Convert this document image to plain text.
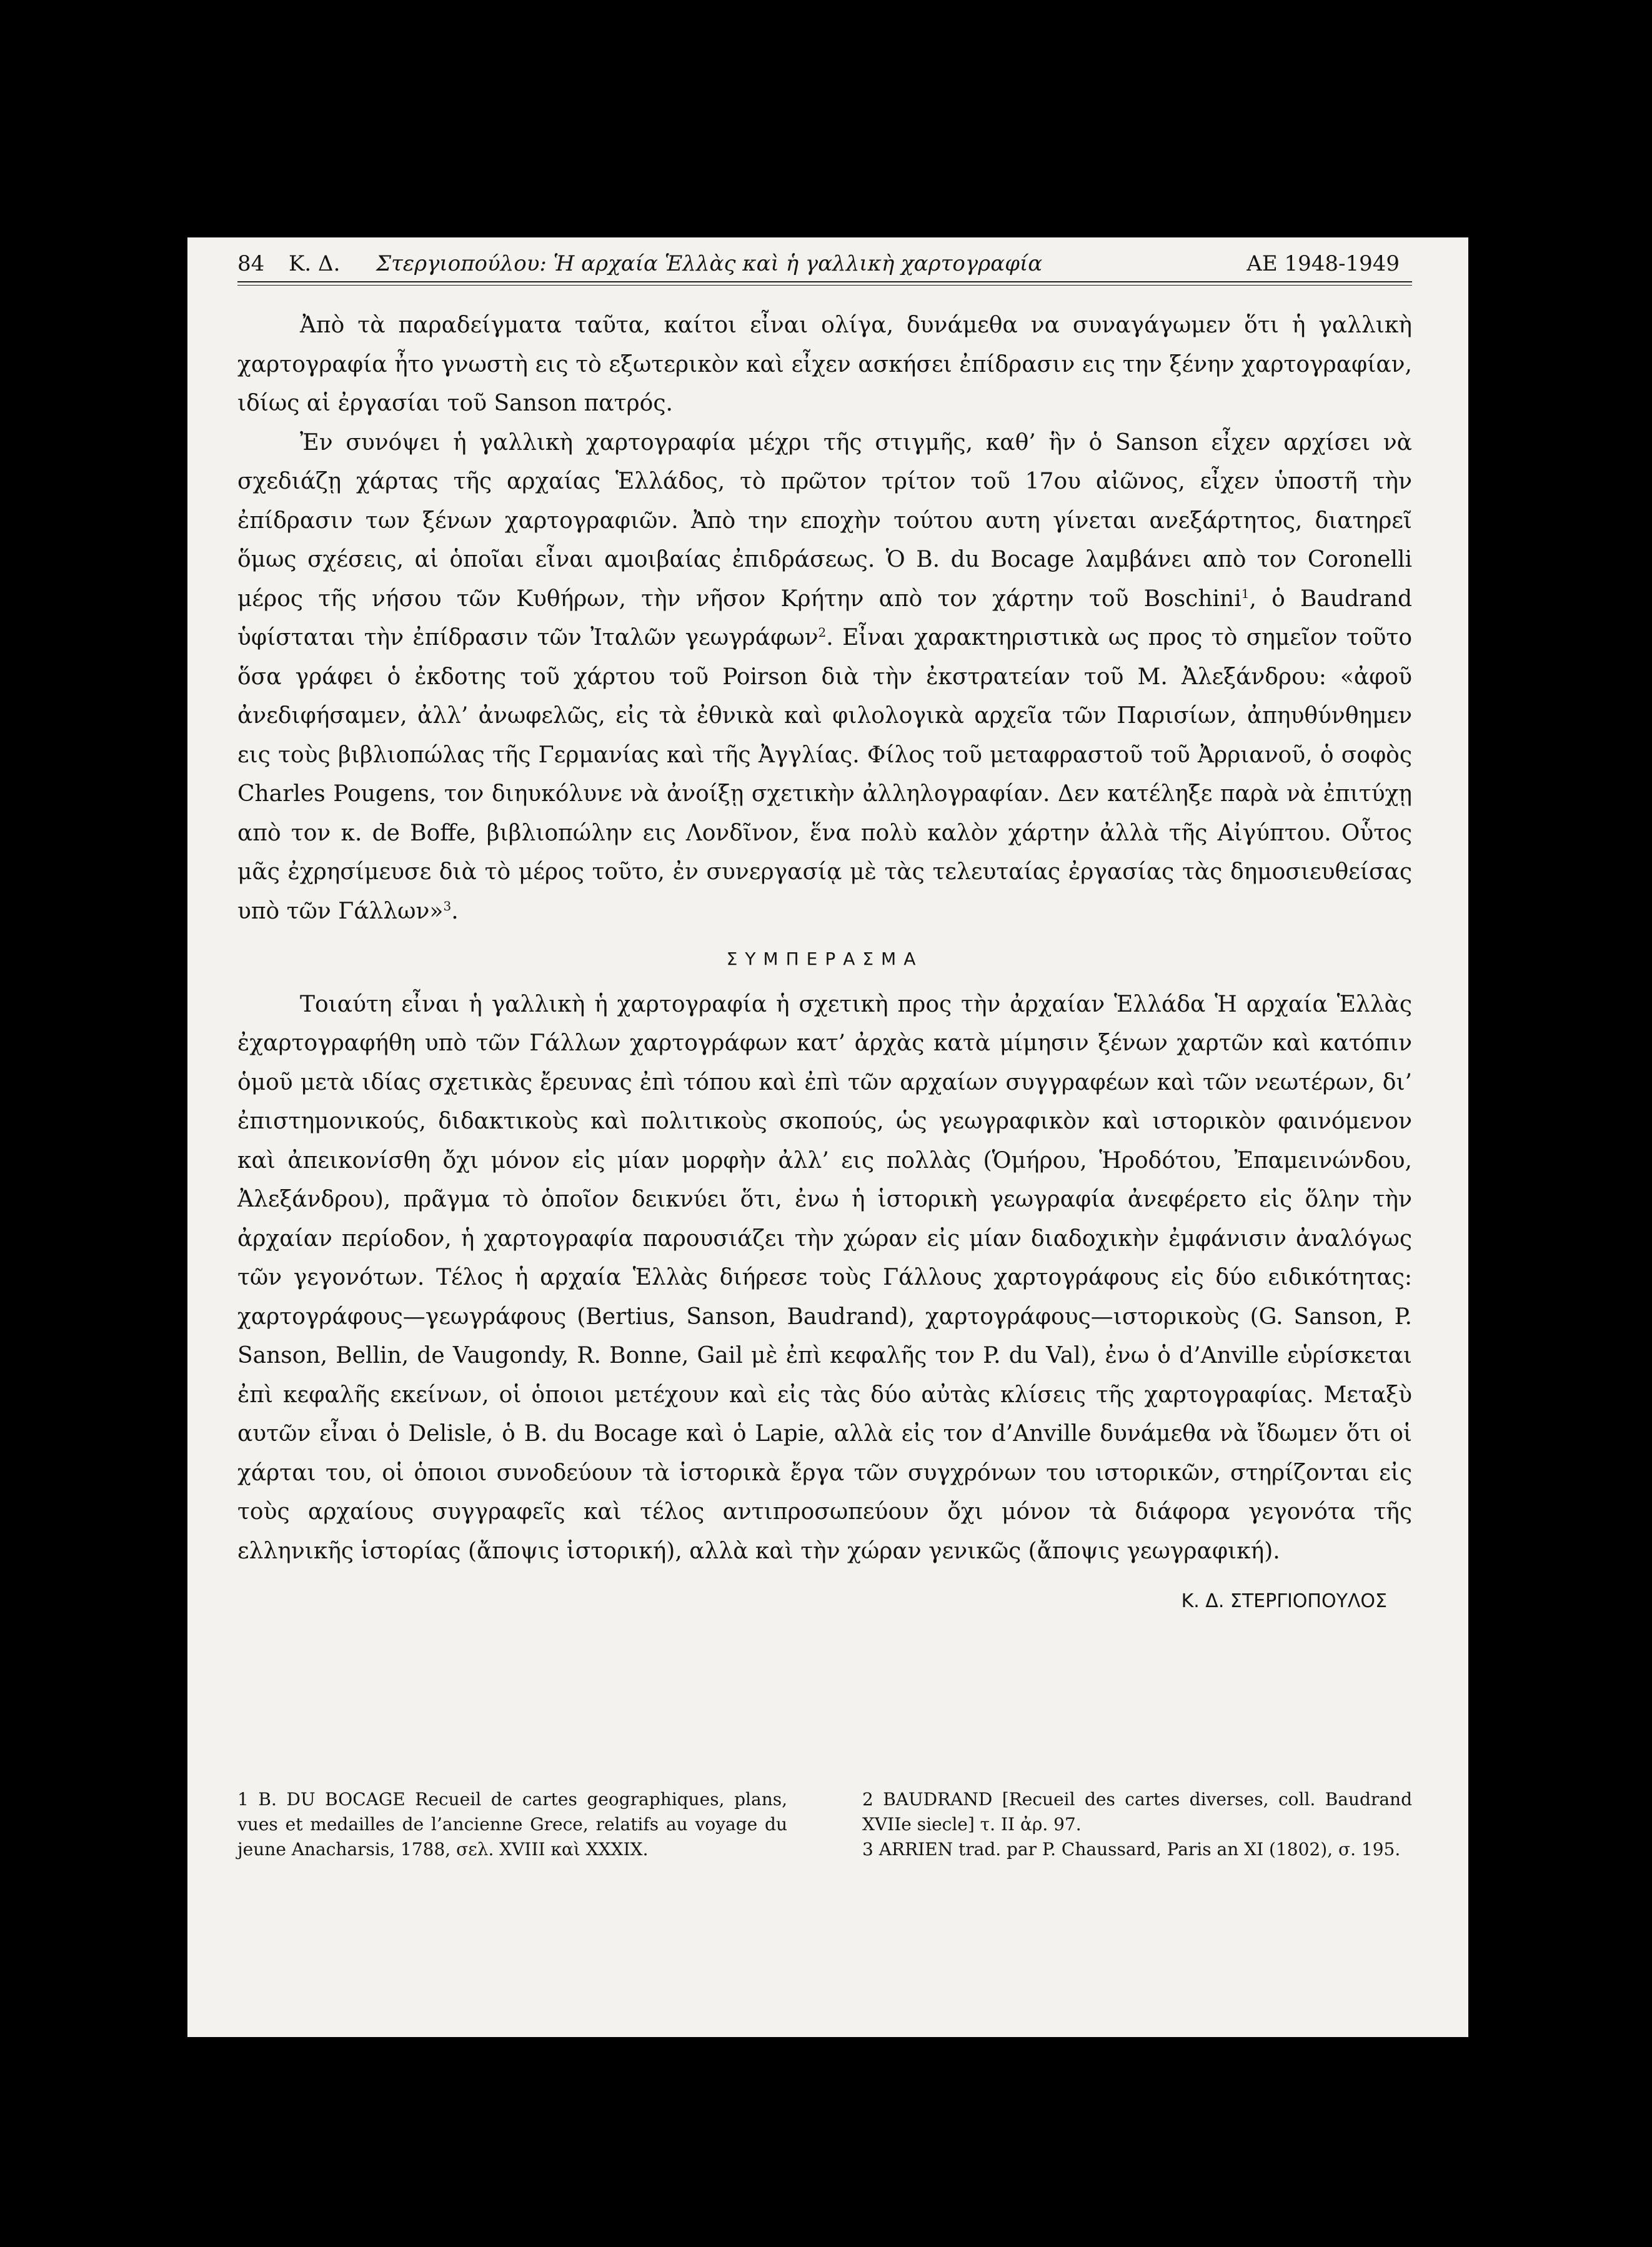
84 Κ. Δ. Στεργιοπούλου: Ἡ αρχαία Ἑλλὰς καὶ ἡ γαλλικὴ χαρτογραφία	ΑΕ 1948-1949

Ἀπὸ τὰ παραδείγματα ταῦτα, καίτοι εἶναι ολίγα, δυνάμεθα να συναγάγωμεν ὅτι ἡ γαλλικὴ χαρτογραφία ἦτο γνωστὴ εις τὸ εξωτερικὸν καὶ εἶχεν ασκήσει ἐπίδρασιν εις την ξένην χαρτογραφίαν, ιδίως αἱ ἐργασίαι τοῦ Sanson πατρός.

Ἐν συνόψει ἡ γαλλικὴ χαρτογραφία μέχρι τῆς στιγμῆς, καθ’ ἣν ὁ Sanson εἶχεν αρχίσει νὰ σχεδιάζῃ χάρτας τῆς αρχαίας Ἑλλάδος, τὸ πρῶτον τρίτον τοῦ 17ου αἰῶνος, εἶχεν ὑποστῆ τὴν ἐπίδρασιν των ξένων χαρτογραφιῶν. Ἀπὸ την εποχὴν τούτου αυτη γίνεται ανεξάρτητος, διατηρεῖ ὅμως σχέσεις, αἱ ὁποῖαι εἶναι αμοιβαίας ἐπιδράσεως. Ὁ Β. du Bocage λαμβάνει απὸ τον Coronelli μέρος τῆς νήσου τῶν Κυθήρων, τὴν νῆσον Κρήτην απὸ τον χάρτην τοῦ Boschini$^1$, ὁ Baudrand ὑφίσταται τὴν ἐπίδρασιν τῶν Ἰταλῶν γεωγράφων$^2$. Εἶναι χαρακτηριστικὰ ως προς τὸ σημεῖον τοῦτο ὅσα γράφει ὁ ἐκδοτης τοῦ χάρτου τοῦ Poirson διὰ τὴν ἐκστρατείαν τοῦ Μ. Ἀλεξάνδρου: «ἀφοῦ ἀνεδιφήσαμεν, ἀλλ’ ἀνωφελῶς, εἰς τὰ ἐθνικὰ καὶ φιλολογικὰ αρχεῖα τῶν Παρισίων, ἀπηυθύνθημεν εις τοὺς βιβλιοπώλας τῆς Γερμανίας καὶ τῆς Ἀγγλίας. Φίλος τοῦ μεταφραστοῦ τοῦ Ἀρριανοῦ, ὁ σοφὸς Charles Pougens, τον διηυκόλυνε νὰ ἀνοίξῃ σχετικὴν ἀλληλογραφίαν. Δεν κατέληξε παρὰ νὰ ἐπιτύχῃ απὸ τον κ. de Boffe, βιβλιοπώλην εις Λονδῖνον, ἕνα πολὺ καλὸν χάρτην ἀλλὰ τῆς Αἰγύπτου. Οὗτος μᾶς ἐχρησίμευσε διὰ τὸ μέρος τοῦτο, ἐν συνεργασίᾳ μὲ τὰς τελευταίας ἐργασίας τὰς δημοσιευθείσας υπὸ τῶν Γάλλων»$^3$.

ΣΥΜΠΕΡΑΣΜΑ

Τοιαύτη εἶναι ἡ γαλλικὴ ἡ χαρτογραφία ἡ σχετικὴ προς τὴν ἀρχαίαν Ἑλλάδα Ἡ αρχαία Ἑλλὰς ἐχαρτογραφήθη υπὸ τῶν Γάλλων χαρτογράφων κατ’ ἀρχὰς κατὰ μίμησιν ξένων χαρτῶν καὶ κατόπιν ὁμοῦ μετὰ ιδίας σχετικὰς ἔρευνας ἐπὶ τόπου καὶ ἐπὶ τῶν αρχαίων συγγραφέων καὶ τῶν νεωτέρων, δι’ ἐπιστημονικούς, διδακτικοὺς καὶ πολιτικοὺς σκοπούς, ὡς γεωγραφικὸν καὶ ιστορικὸν φαινόμενον καὶ ἀπεικονίσθη ὄχι μόνον εἰς μίαν μορφὴν ἀλλ’ εις πολλὰς (Ὁμήρου, Ἡροδότου, Ἐπαμεινώνδου, Ἀλεξάνδρου), πρᾶγμα τὸ ὁποῖον δεικνύει ὅτι, ἐνω ἡ ἱστορικὴ γεωγραφία ἀνεφέρετο εἰς ὅλην τὴν ἀρχαίαν περίοδον, ἡ χαρτογραφία παρουσιάζει τὴν χώραν εἰς μίαν διαδοχικὴν ἐμφάνισιν ἀναλόγως τῶν γεγονότων. Τέλος ἡ αρχαία Ἑλλὰς διήρεσε τοὺς Γάλλους χαρτογράφους εἰς δύο ειδικότητας: χαρτογράφους—γεωγράφους (Bertius, Sanson, Baudrand), χαρτογράφους—ιστορικοὺς (G. Sanson, P. Sanson, Bellin, de Vaugondy, R. Bonne, Gail μὲ ἐπὶ κεφαλῆς τον P. du Val), ἐνω ὁ d’Anville εὑρίσκεται ἐπὶ κεφαλῆς εκείνων, οἱ ὁποιοι μετέχουν καὶ εἰς τὰς δύο αὐτὰς κλίσεις τῆς χαρτογραφίας. Μεταξὺ αυτῶν εἶναι ὁ Delisle, ὁ Β. du Bocage καὶ ὁ Lapie, αλλὰ εἰς τον d’Anville δυνάμεθα νὰ ἴδωμεν ὅτι οἱ χάρται του, οἱ ὁποιοι συνοδεύουν τὰ ἱστορικὰ ἔργα τῶν συγχρόνων του ιστορικῶν, στηρίζονται εἰς τοὺς αρχαίους συγγραφεῖς καὶ τέλος αντιπροσωπεύουν ὄχι μόνον τὰ διάφορα γεγονότα τῆς ελληνικῆς ἱστορίας (ἄποψις ἱστορική), αλλὰ καὶ τὴν χώραν γενικῶς (ἄποψις γεωγραφική).

Κ. Δ. ΣΤΕΡΓΙΟΠΟΥΛΟΣ

1 Β. DU BOCAGE Recueil de cartes geographiques, plans, vues et medailles de l’ancienne Grece, relatifs au voyage du jeune Anacharsis, 1788, σελ. XVIII καὶ XXXIX.

2 BAUDRAND [Recueil des cartes diverses, coll. Baudrand XVIIe siecle] τ. II ἀρ. 97.

3 ARRIEN trad. par P. Chaussard, Paris an XI (1802), σ. 195.
